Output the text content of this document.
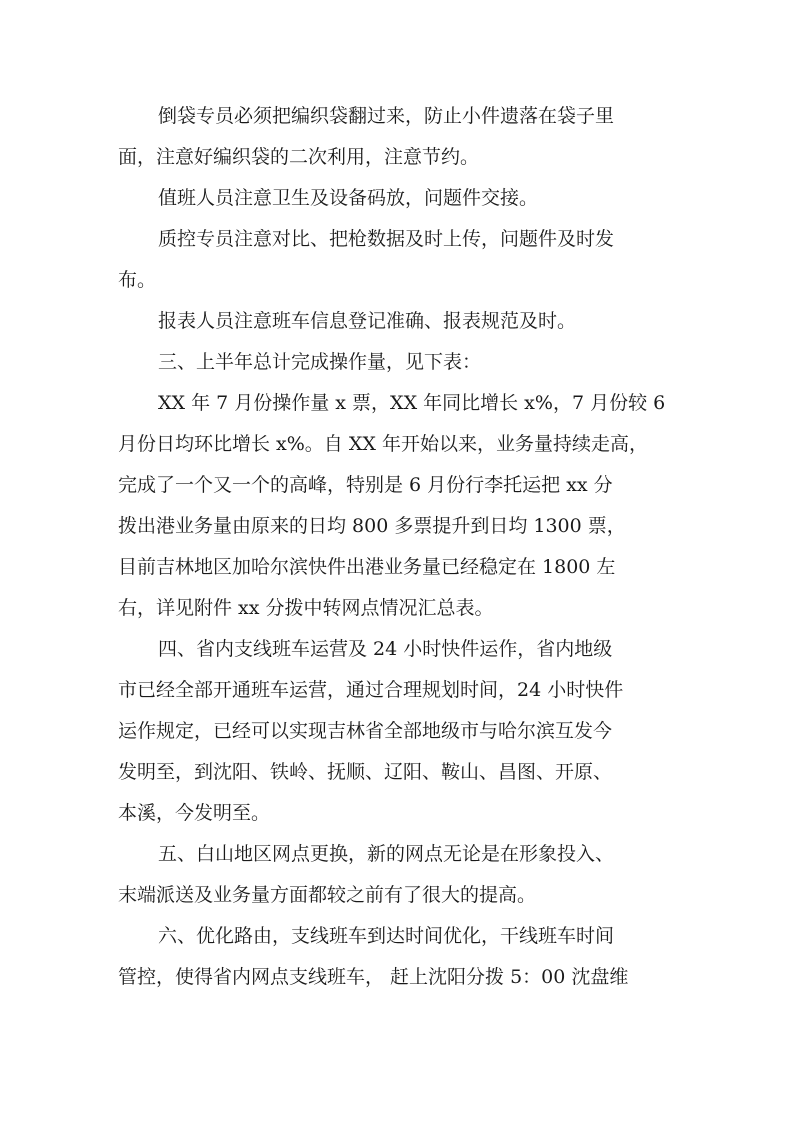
倒袋专员必须把编织袋翻过来，防止小件遗落在袋子里
面，注意好编织袋的二次利用，注意节约。
值班人员注意卫生及设备码放，问题件交接。
质控专员注意对比、把枪数据及时上传，问题件及时发
布。
报表人员注意班车信息登记准确、报表规范及时。
三、上半年总计完成操作量，见下表：
XX 年 7 月份操作量 x 票，XX 年同比增长 x%，7 月份较 6
月份日均环比增长 x%。自 XX 年开始以来，业务量持续走高，
完成了一个又一个的高峰，特别是 6 月份行李托运把 xx 分
拨出港业务量由原来的日均 800 多票提升到日均 1300 票，
目前吉林地区加哈尔滨快件出港业务量已经稳定在 1800 左
右，详见附件 xx 分拨中转网点情况汇总表。
四、省内支线班车运营及 24 小时快件运作，省内地级
市已经全部开通班车运营，通过合理规划时间，24 小时快件
运作规定，已经可以实现吉林省全部地级市与哈尔滨互发今
发明至，到沈阳、铁岭、抚顺、辽阳、鞍山、昌图、开原、
本溪，今发明至。
五、白山地区网点更换，新的网点无论是在形象投入、
末端派送及业务量方面都较之前有了很大的提高。
六、优化路由，支线班车到达时间优化，干线班车时间
管控，使得省内网点支线班车， 赶上沈阳分拨 5：00 沈盘维
